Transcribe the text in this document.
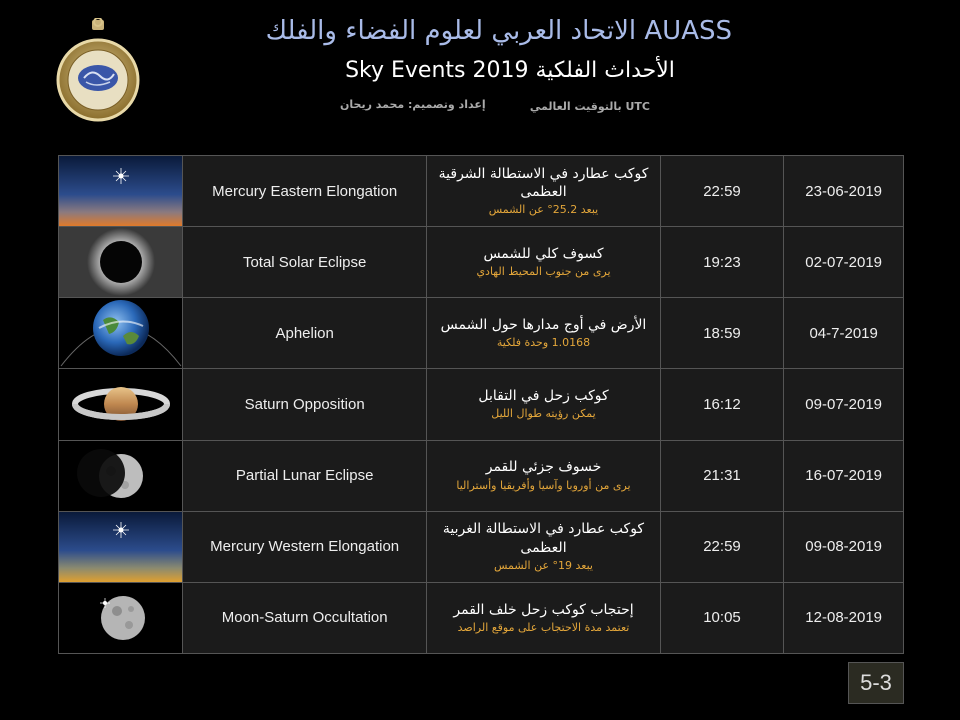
الاتحاد العربي لعلوم الفضاء والفلك AUASS
Sky Events 2019 الأحداث الفلكية
إعداد وتصميم: محمد ريحان	بالتوقيت العالمي UTC
	Mercury Eastern Elongation	كوكب عطارد في الاستطالة الشرقية العظمى
يبعد 25.2° عن الشمس	22:59	23-06-2019

	Total Solar Eclipse	كسوف كلي للشمس
يرى من جنوب المحيط الهادي	19:23	02-07-2019

	Aphelion	الأرض في أوج مدارها حول الشمس
1.0168 وحدة فلكية	18:59	04-7-2019

	Saturn Opposition	كوكب زحل في التقابل
يمكن رؤيته طوال الليل	16:12	09-07-2019

	Partial Lunar Eclipse	خسوف جزئي للقمر
يرى من أوروبا وآسيا وأفريقيا وأستراليا	21:31	16-07-2019

	Mercury Western Elongation	كوكب عطارد في الاستطالة الغربية العظمى
يبعد 19° عن الشمس	22:59	09-08-2019

	Moon-Saturn Occultation	إحتجاب كوكب زحل خلف القمر
تعتمد مدة الاحتجاب على موقع الراصد	10:05	12-08-2019
5-3
